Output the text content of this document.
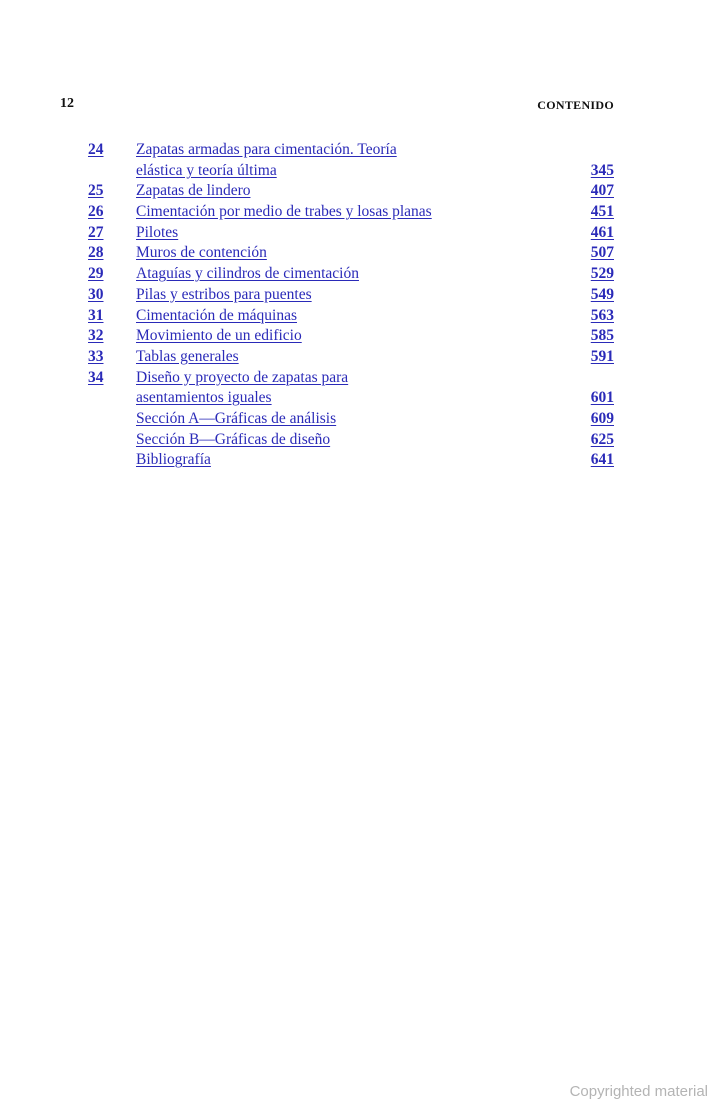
12	CONTENIDO
24 Zapatas armadas para cimentación. Teoría
elástica y teoría última	345
25 Zapatas de lindero	407
26 Cimentación por medio de trabes y losas planas	451
27 Pilotes	461
28 Muros de contención	507
29 Ataguías y cilindros de cimentación	529
30 Pilas y estribos para puentes	549
31 Cimentación de máquinas	563
32 Movimiento de un edificio	585
33 Tablas generales	591
34 Diseño y proyecto de zapatas para
asentamientos iguales	601
Sección A—Gráficas de análisis	609
Sección B—Gráficas de diseño	625
Bibliografía	641
Copyrighted material
